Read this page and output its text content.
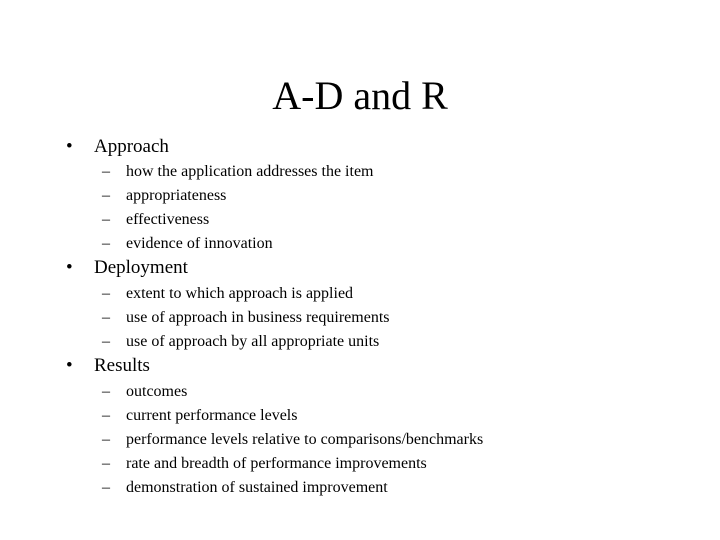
A-D and R
•	Approach
– how the application addresses the item
– appropriateness
– effectiveness
– evidence of innovation
•	Deployment
– extent to which approach is applied
– use of approach in business requirements
– use of approach by all appropriate units
•	Results
– outcomes
– current performance levels
– performance levels relative to comparisons/benchmarks
– rate and breadth of performance improvements
– demonstration of sustained improvement
